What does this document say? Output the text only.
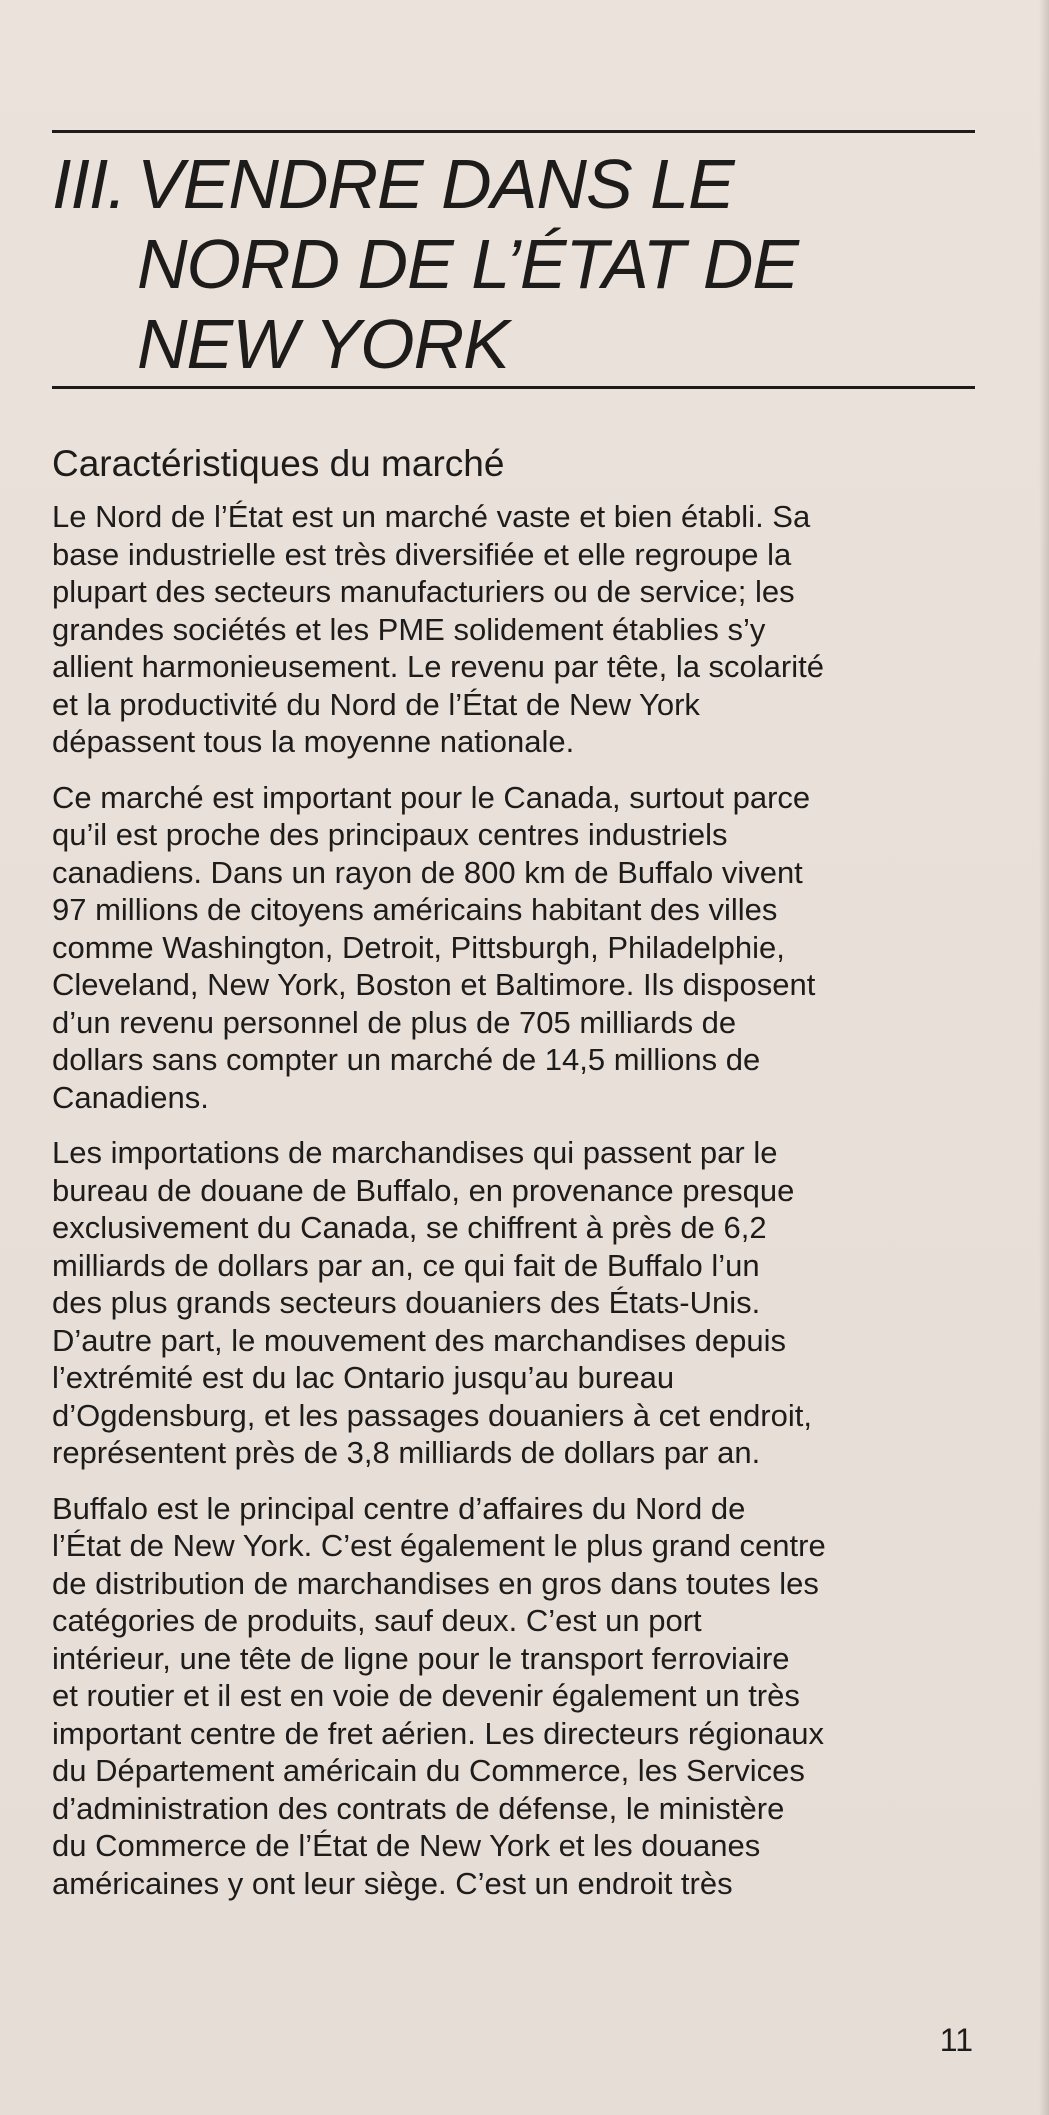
III. VENDRE DANS LE
NORD DE L’ÉTAT DE
NEW YORK
Caractéristiques du marché

Le Nord de l’État est un marché vaste et bien établi. Sa
base industrielle est très diversifiée et elle regroupe la
plupart des secteurs manufacturiers ou de service; les
grandes sociétés et les PME solidement établies s’y
allient harmonieusement. Le revenu par tête, la scolarité
et la productivité du Nord de l’État de New York
dépassent tous la moyenne nationale.

Ce marché est important pour le Canada, surtout parce
qu’il est proche des principaux centres industriels
canadiens. Dans un rayon de 800 km de Buffalo vivent
97 millions de citoyens américains habitant des villes
comme Washington, Detroit, Pittsburgh, Philadelphie,
Cleveland, New York, Boston et Baltimore. Ils disposent
d’un revenu personnel de plus de 705 milliards de
dollars sans compter un marché de 14,5 millions de
Canadiens.

Les importations de marchandises qui passent par le
bureau de douane de Buffalo, en provenance presque
exclusivement du Canada, se chiffrent à près de 6,2
milliards de dollars par an, ce qui fait de Buffalo l’un
des plus grands secteurs douaniers des États-Unis.
D’autre part, le mouvement des marchandises depuis
l’extrémité est du lac Ontario jusqu’au bureau
d’Ogdensburg, et les passages douaniers à cet endroit,
représentent près de 3,8 milliards de dollars par an.

Buffalo est le principal centre d’affaires du Nord de
l’État de New York. C’est également le plus grand centre
de distribution de marchandises en gros dans toutes les
catégories de produits, sauf deux. C’est un port
intérieur, une tête de ligne pour le transport ferroviaire
et routier et il est en voie de devenir également un très
important centre de fret aérien. Les directeurs régionaux
du Département américain du Commerce, les Services
d’administration des contrats de défense, le ministère
du Commerce de l’État de New York et les douanes
américaines y ont leur siège. C’est un endroit très

11
